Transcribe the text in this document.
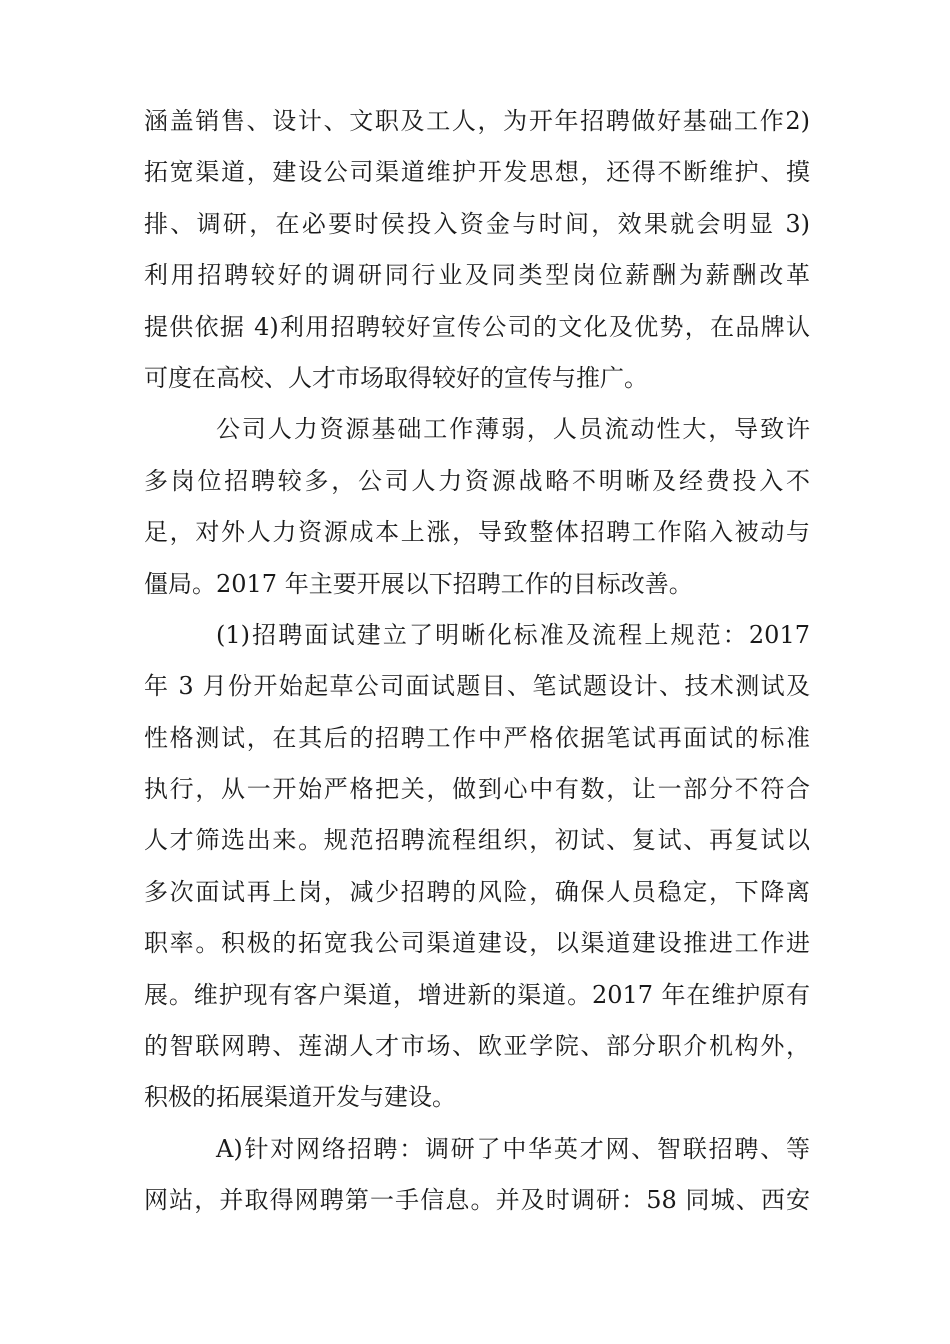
涵盖销售、设计、文职及工人，为开年招聘做好基础工作2)
拓宽渠道，建设公司渠道维护开发思想，还得不断维护、摸
排、调研，在必要时侯投入资金与时间，效果就会明显 3)
利用招聘较好的调研同行业及同类型岗位薪酬为薪酬改革
提供依据 4)利用招聘较好宣传公司的文化及优势，在品牌认
可度在高校、人才市场取得较好的宣传与推广。
公司人力资源基础工作薄弱，人员流动性大，导致许
多岗位招聘较多，公司人力资源战略不明晰及经费投入不
足，对外人力资源成本上涨，导致整体招聘工作陷入被动与
僵局。2017 年主要开展以下招聘工作的目标改善。
(1)招聘面试建立了明晰化标准及流程上规范：2017
年 3 月份开始起草公司面试题目、笔试题设计、技术测试及
性格测试，在其后的招聘工作中严格依据笔试再面试的标准
执行，从一开始严格把关，做到心中有数，让一部分不符合
人才筛选出来。规范招聘流程组织，初试、复试、再复试以
多次面试再上岗，减少招聘的风险，确保人员稳定，下降离
职率。积极的拓宽我公司渠道建设，以渠道建设推进工作进
展。维护现有客户渠道，增进新的渠道。2017 年在维护原有
的智联网聘、莲湖人才市场、欧亚学院、部分职介机构外，
积极的拓展渠道开发与建设。
A)针对网络招聘：调研了中华英才网、智联招聘、等
网站，并取得网聘第一手信息。并及时调研：58 同城、西安
